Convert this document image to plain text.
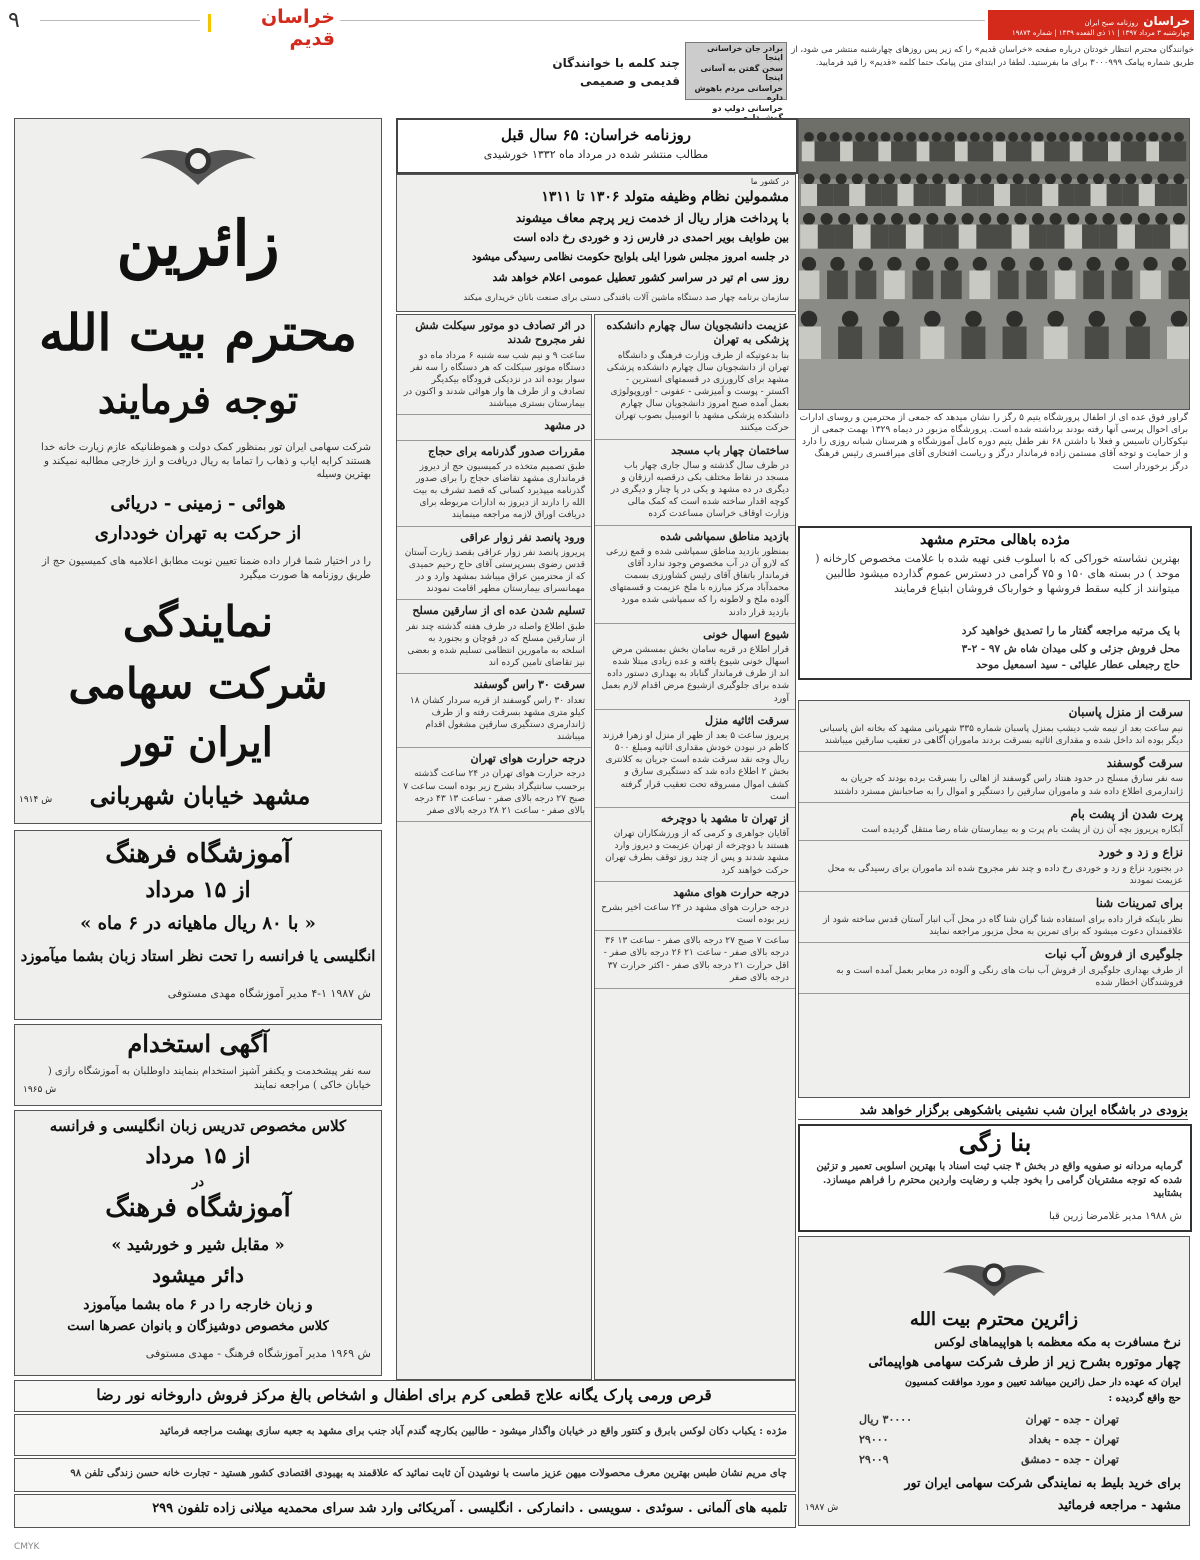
۹	خراسان قدیم
خراسان روزنامه صبح ایران
چهارشنبه ۳ مرداد ۱۳۹۷ | ۱۱ ذی القعده ۱۴۳۹ | شماره ۱۹۸۷۴
خوانندگان محترم انتظار خودتان درباره صفحه «خراسان قدیم» را که زیر پس روزهای چهارشنبه منتشر می شود، از طریق شماره پیامک ۳۰۰۰۹۹۹ برای ما بفرستید. لطفا در ابتدای متن پیامک حتما کلمه «قدیم» را قید فرمایید.
برادر جان خراسانی اینجا
سخن گفتن به آسانی اینجا
خراسانی مردم باهوش داره
خراسانی دولپ دو
چند کلمه با خوانندگان
قدیمی و صمیمی
زائرین
محترم بیت الله
توجه فرمایند
شرکت سهامی ایران تور بمنظور کمک دولت و هموطنانیکه عازم زیارت خانه خدا هستند کرایه ایاب و ذهاب را تماما به ریال دریافت و ارز خارجی مطالبه نمیکند و بهترین وسیله
هوائی - زمینی - دریائی
از حرکت به تهران خودداری
را در اختیار شما قرار داده ضمنا تعیین نوبت مطابق اعلامیه های کمیسیون حج از طریق روزنامه ها صورت میگیرد
نمایندگی
شرکت سهامی
ایران تور
مشهد خیابان شهربانی
ش ۱۹۱۴
آموزشگاه فرهنگ
از ۱۵ مرداد
« با ۸۰ ریال ماهیانه در ۶ ماه »
انگلیسی یا فرانسه را تحت نظر استاد زبان بشما میآموزد
ش ۱۹۸۷ ۱-۴ مدیر آموزشگاه مهدی مستوفی
آگهی استخدام
سه نفر پیشخدمت و یکنفر آشپز استخدام بنمایند داوطلبان به آموزشگاه رازی ( خیابان خاکی ) مراجعه نمایند
ش ۱۹۶۵
کلاس مخصوص تدریس زبان انگلیسی و فرانسه
از ۱۵ مرداد
در
آموزشگاه فرهنگ
« مقابل شیر و خورشید »
دائر میشود
و زبان خارجه را در ۶ ماه بشما میآموزد
کلاس مخصوص دوشیزگان و بانوان عصرها است
ش ۱۹۶۹ مدیر آموزشگاه فرهنگ - مهدی مستوفی
روزنامه خراسان: ۶۵ سال قبل
مطالب منتشر شده در مرداد ماه ۱۳۳۲ خورشیدی
در کشور ما
مشمولین نظام وظیفه متولد ۱۳۰۶ تا ۱۳۱۱
با پرداخت هزار ریال از خدمت زیر پرچم معاف میشوند
بین طوایف بویر احمدی در فارس زد و خوردی رخ داده است
در جلسه امروز مجلس شورا ایلی بلوایح حکومت نظامی رسیدگی میشود
روز سی ام تیر در سراسر کشور تعطیل عمومی اعلام خواهد شد
سازمان برنامه چهار صد دستگاه ماشین آلات بافندگی دستی برای صنعت بانان خریداری میکند
گراور فوق عده ای از اطفال پرورشگاه یتیم ۵ رگز را نشان میدهد که جمعی از محترمین و روسای ادارات برای احوال پرسی آنها رفته بودند برداشته شده است. پرورشگاه مزبور در دیماه ۱۳۲۹ بهمت جمعی از نیکوکاران تاسیس و فعلا با داشتن ۶۸ نفر طفل یتیم دوره کامل آموزشگاه و هنرستان شبانه روزی را دارد و از حمایت و توجه آقای مستمن زاده فرماندار درگز و ریاست افتخاری آقای میرافسری رئیس فرهنگ درگز برخوردار است
مژده باهالی محترم مشهد
بهترین نشاسته خوراکی که با اسلوب فنی تهیه شده با علامت مخصوص کارخانه ( موحد ) در بسته های ۱۵۰ و ۷۵ گرامی در دسترس عموم گذارده میشود طالبین میتوانند از کلیه سقط فروشها و خوارباک فروشان ابتیاع فرمایند
با یک مرتبه مراجعه گفتار ما را تصدیق خواهید کرد
محل فروش جزئی و کلی میدان شاه ش ۹۷ - ۲-۳
حاج رجبعلی عطار علیائی - سید اسمعیل موحد
عزیمت دانشجویان سال چهارم دانشکده پزشکی به تهران
بنا بدعوتیکه از طرف وزارت فرهنگ و دانشگاه تهران از دانشجویان سال چهارم دانشکده پزشکی مشهد برای کارورزی در قسمتهای انسترین - اکستر - پوست و آمیزشی - عفونی - اوروپولوژی بعمل آمده صبح امروز دانشجویان سال چهارم دانشکده پزشکی مشهد با اتومبیل بصوب تهران حرکت میکنند
ساختمان چهار باب مسجد
در ظرف سال گذشته و سال جاری چهار باب مسجد در نقاط مختلف بکی درقصبه ارزقان و دیگری در ده مشهد و یکی در پا چنار و دیگری در کوچه اقدار ساخته شده است که کمک مالی وزارت اوقاف خراسان مساعدت کرده
بازدید مناطق سمپاشی شده
بمنظور بازدید مناطق سمپاشی شده و قمع زرعی که لارو آن در آب مخصوص وجود ندارد آقای فرماندار باتفاق آقای رئیس کشاورزی بسمت محمدآباد مرکز مبارزه با ملخ عزیمت و قسمتهای آلوده ملخ و لاطونه را که سمپاشی شده مورد بازدید قرار دادند
شیوع اسهال خونی
قرار اطلاع در قریه سامان بخش بمسشن مرض اسهال خونی شیوع یافته و عده زیادی مبتلا شده اند از طرف فرماندار گناباد به بهداری دستور داده شده برای جلوگیری ازشیوع مرض اقدام لازم بعمل آورد
سرقت اثاثیه منزل
پریروز ساعت ۵ بعد از ظهر از منزل او زهرا فرزند کاظم در نبودن خودش مقداری اثاثیه ومبلغ ۵۰۰ ریال وجه نقد سرقت شده است جریان به کلانتری بخش ۲ اطلاع داده شد که دستگیری سارق و کشف اموال مسروقه تحت تعقیب قرار گرفته است
از تهران تا مشهد با دوچرخه
آقایان جواهری و کرمی که از ورزشکاران تهران هستند با دوچرخه از تهران عزیمت و دیروز وارد مشهد شدند و پس از چند روز توقف بطرف تهران حرکت خواهند کرد
درجه حرارت هوای مشهد
درجه حرارت هوای مشهد در ۲۴ ساعت اخیر بشرح زیر بوده است
ساعت ۷ صبح ۲۷ درجه بالای صفر - ساعت ۱۳ ۳۶ درجه بالای صفر - ساعت ۲۱ ۲۶ درجه بالای صفر - اقل حرارت ۲۱ درجه بالای صفر - اکثر حرارت ۳۷ درجه بالای صفر
در اثر تصادف دو موتور سیکلت شش نفر مجروح شدند
ساعت ۹ و نیم شب سه شنبه ۶ مرداد ماه دو دستگاه موتور سیکلت که هر دستگاه را سه نفر سوار بوده اند در نزدیکی فرودگاه بیکدیگر تصادف و از طرف ها وار هوائی شدند و اکنون در بیمارستان بستری میباشند
در مشهد
مقررات صدور گذرنامه برای حجاج
طبق تصمیم متخذه در کمیسیون حج از دیروز فرمانداری مشهد تقاضای حجاج را برای صدور گذرنامه میپذیرد کسانی که قصد تشرف به بیت الله را دارند از دیروز به ادارات مربوطه برای دریافت اوراق لازمه مراجعه مینمایند
ورود پانصد نفر زوار عراقی
پریروز پانصد نفر زوار عراقی بقصد زیارت آستان قدس رضوی بسرپرستی آقای حاج رحیم حمیدی که از محترمین عراق میباشد بمشهد وارد و در مهمانسرای بیمارستان مطهر اقامت نمودند
تسلیم شدن عده ای از سارقین مسلح
طبق اطلاع واصله در ظرف هفته گذشته چند نفر از سارقین مسلح که در قوچان و بجنورد به اسلحه به مامورین انتظامی تسلیم شده و بعضی نیز تقاضای تامین کرده اند
سرقت ۳۰ راس گوسفند
تعداد ۳۰ راس گوسفند از قریه سردار کشان ۱۸ کیلو متری مشهد بسرقت رفته و از طرف ژاندارمری دستگیری سارقین مشغول اقدام میباشند
درجه حرارت هوای تهران
درجه حرارت هوای تهران در ۲۴ ساعت گذشته برحسب سانتیگراد بشرح زیر بوده است ساعت ۷ صبح ۲۷ درجه بالای صفر - ساعت ۱۳ ۴۳ درجه بالای صفر - ساعت ۲۱ ۲۸ درجه بالای صفر
سرقت از منزل پاسبان
نیم ساعت بعد از نیمه شب دیشب بمنزل پاسبان شماره ۳۳۵ شهربانی مشهد که بخانه اش پاسبانی دیگر بوده اند داخل شده و مقداری اثاثیه بسرقت بردند ماموران آگاهی در تعقیب سارقین میباشند
سرقت گوسفند
سه نفر سارق مسلح در حدود هنتاد راس گوسفند از اهالی را بسرقت برده بودند که جریان به ژاندارمری اطلاع داده شد و ماموران سارقین را دستگیر و اموال را به صاحبانش مسترد داشتند
پرت شدن از پشت بام
آبکاره پریروز بچه آن زن از پشت بام پرت و به بیمارستان شاه رضا منتقل گردیده است
نزاع و زد و خورد
در بجنورد نزاع و زد و خوردی رخ داده و چند نفر مجروح شده اند ماموران برای رسیدگی به محل عزیمت نمودند
برای تمرینات شنا
نظر باینکه قرار داده برای استفاده شنا گران شنا گاه در محل آب انبار آستان قدس ساخته شود از علاقمندان دعوت میشود که برای تمرین به محل مزبور مراجعه نمایند
جلوگیری از فروش آب نبات
از طرف بهداری جلوگیری از فروش آب نبات های رنگی و آلوده در معابر بعمل آمده است و به فروشندگان اخطار شده
بزودی در باشگاه ایران شب نشینی باشکوهی برگزار خواهد شد
بنا زگی
گرمابه مردانه نو صفویه واقع در بخش ۴ جنب ثبت اسناد با بهترین اسلوبی تعمیر و تزئین شده که توجه مشتریان گرامی را بخود جلب و رضایت واردین محترم را فراهم میسازد. بشتابید
ش ۱۹۸۸ مدیر غلامرضا زرین قبا
زائرین محترم بیت الله
نرخ مسافرت به مکه معظمه با هواپیماهای لوکس
چهار موتوره بشرح زیر از طرف شرکت سهامی هواپیمائی
ایران که عهده دار حمل زائرین میباشد تعیین و مورد موافقت کمسیون
حج واقع گردیده :
تهران - جده - تهران
۳۰۰۰۰ ریال
تهران - جده - بغداد
۲۹۰۰۰
تهران - جده - دمشق
۲۹۰۰۹
برای خرید بلیط به نمایندگی شرکت سهامی ایران تور
مشهد - مراجعه فرمائید
ش ۱۹۸۷
قرص ورمی پارک یگانه علاج قطعی کرم برای اطفال و اشخاص بالغ مرکز فروش داروخانه نور رضا
مژده : یکباب دکان لوکس بابرق و کنتور واقع در خیابان واگذار میشود - طالبین بکارچه گندم آباد جنب برای مشهد به جعبه سازی بهشت مراجعه فرمائید
چای مریم نشان طبس بهترین معرف محصولات میهن عزیز ماست با نوشیدن آن ثابت نمائید که علاقمند به بهبودی اقتصادی کشور هستید - تجارت خانه حسن زندگی تلفن ۹۸
تلمبه های آلمانی . سوئدی . سویسی . دانمارکی . انگلیسی . آمریکائی وارد شد سرای محمدیه میلانی زاده تلفون ۲۹۹
CMYK
